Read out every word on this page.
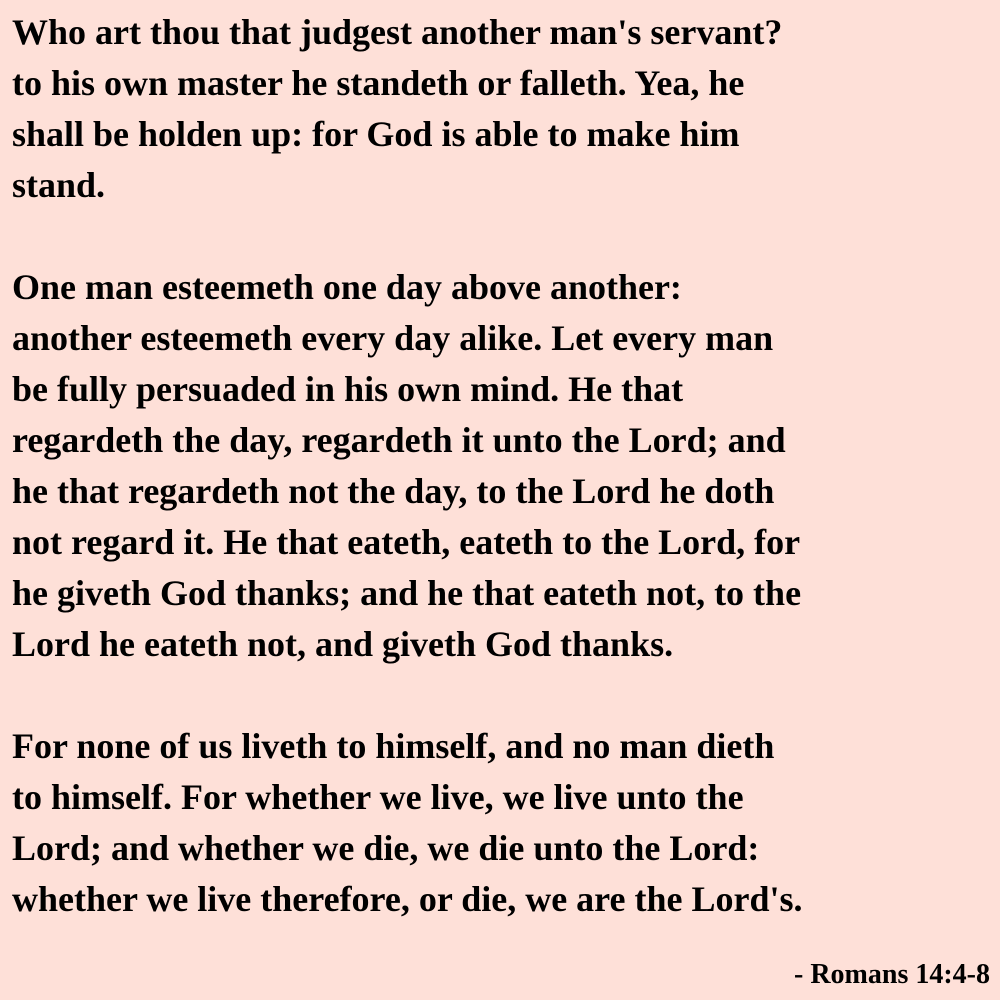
Who art thou that judgest another man's servant?
to his own master he standeth or falleth. Yea, he
shall be holden up: for God is able to make him
stand.

One man esteemeth one day above another:
another esteemeth every day alike. Let every man
be fully persuaded in his own mind. He that
regardeth the day, regardeth it unto the Lord; and
he that regardeth not the day, to the Lord he doth
not regard it. He that eateth, eateth to the Lord, for
he giveth God thanks; and he that eateth not, to the
Lord he eateth not, and giveth God thanks.

For none of us liveth to himself, and no man dieth
to himself. For whether we live, we live unto the
Lord; and whether we die, we die unto the Lord:
whether we live therefore, or die, we are the Lord's.

- Romans 14:4-8
